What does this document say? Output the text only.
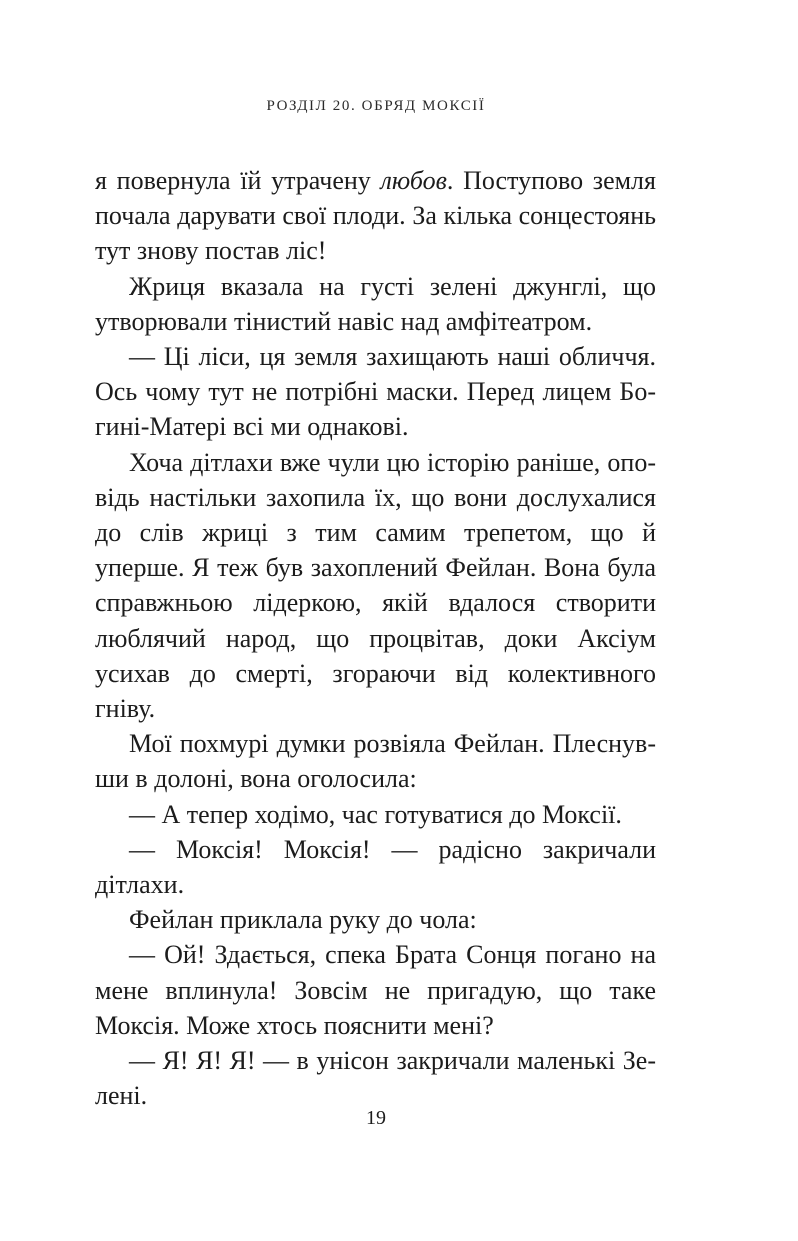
РОЗДІЛ 20. ОБРЯД МОКСІЇ

я повернула їй утрачену любов. Поступово земля почала дарувати свої плоди. За кілька сонцестоянь тут знову постав ліс!

Жриця вказала на густі зелені джунглі, що утворювали тінистий навіс над амфітеатром.

— Ці ліси, ця земля захищають наші обличчя. Ось чому тут не потрібні маски. Перед лицем Богині-Матері всі ми однакові.

Хоча дітлахи вже чули цю історію раніше, оповідь настільки захопила їх, що вони дослухалися до слів жриці з тим самим трепетом, що й уперше. Я теж був захоплений Фейлан. Вона була справжньою лідеркою, якій вдалося створити люблячий народ, що процвітав, доки Аксіум усихав до смерті, згораючи від колективного гніву.

Мої похмурі думки розвіяла Фейлан. Плеснувши в долоні, вона оголосила:

— А тепер ходімо, час готуватися до Моксії.

— Моксія! Моксія! — радісно закричали дітлахи.

Фейлан приклала руку до чола:

— Ой! Здається, спека Брата Сонця погано на мене вплинула! Зовсім не пригадую, що таке Моксія. Може хтось пояснити мені?

— Я! Я! Я! — в унісон закричали маленькі Зелені.

19
